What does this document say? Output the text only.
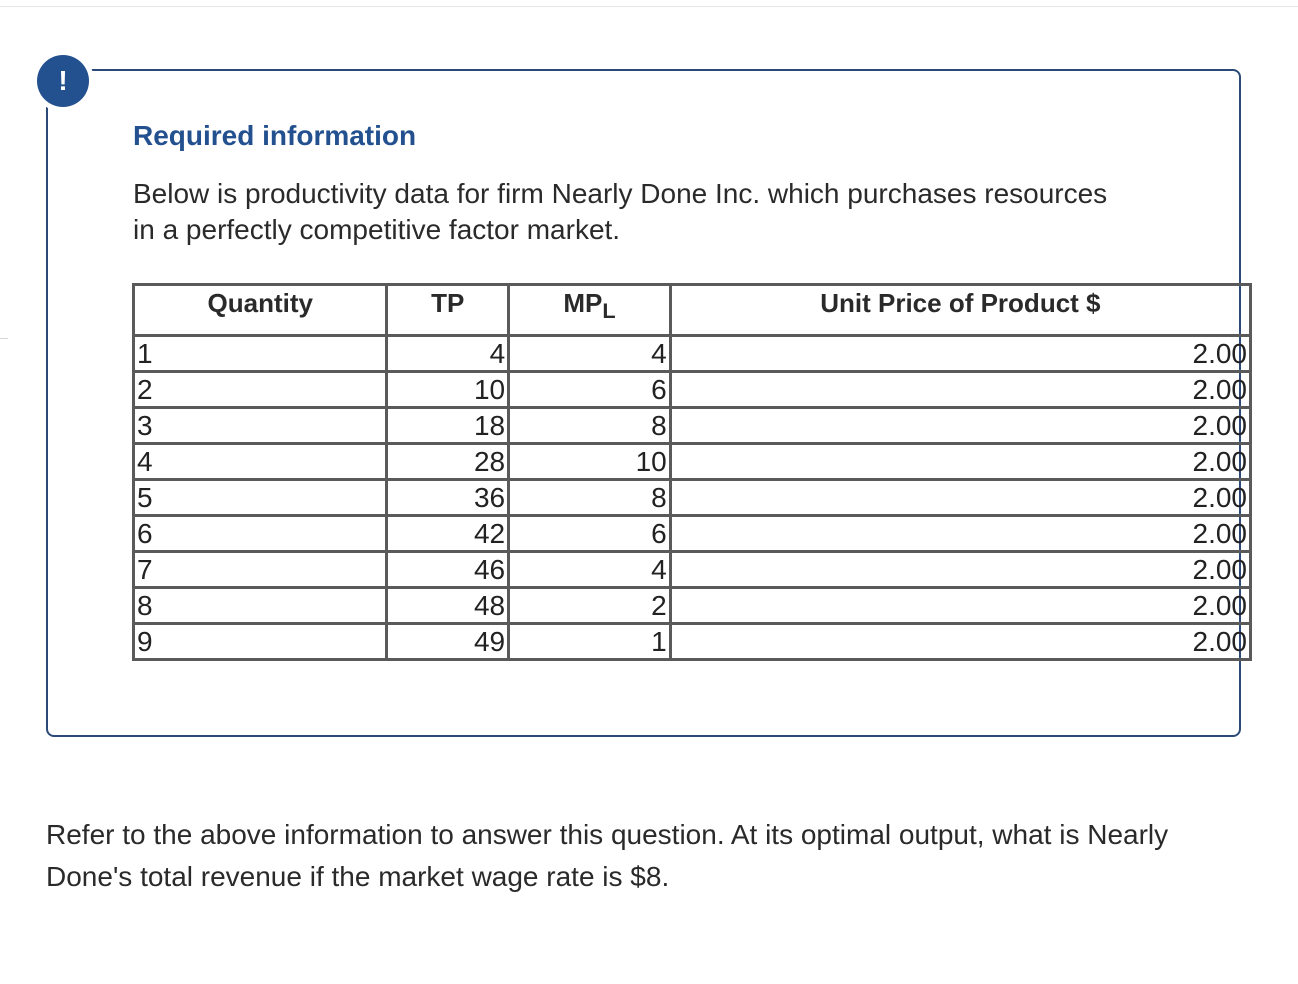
!
Required information
Below is productivity data for firm Nearly Done Inc. which purchases resources in a perfectly competitive factor market.
Quantity	TP	$MP_L$	Unit Price of Product $
1	4	4	2.00
2	10	6	2.00
3	18	8	2.00
4	28	10	2.00
5	36	8	2.00
6	42	6	2.00
7	46	4	2.00
8	48	2	2.00
9	49	1	2.00
Refer to the above information to answer this question. At its optimal output, what is Nearly Done's total revenue if the market wage rate is $8.
